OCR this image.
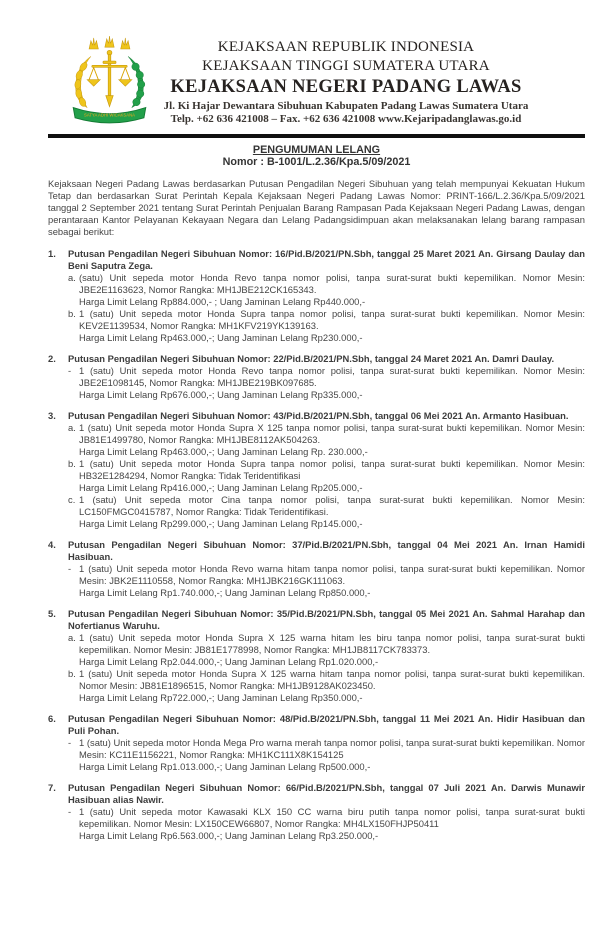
SATYA ADHI WICAKSANA
KEJAKSAAN REPUBLIK INDONESIA
KEJAKSAAN TINGGI SUMATERA UTARA
KEJAKSAAN NEGERI PADANG LAWAS
Jl. Ki Hajar Dewantara Sibuhuan Kabupaten Padang Lawas Sumatera Utara
Telp. +62 636 421008 – Fax. +62 636 421008 www.Kejaripadanglawas.go.id
PENGUMUMAN LELANG
Nomor : B-1001/L.2.36/Kpa.5/09/2021

Kejaksaan Negeri Padang Lawas berdasarkan Putusan Pengadilan Negeri Sibuhuan yang telah mempunyai Kekuatan Hukum Tetap dan berdasarkan Surat Perintah Kepala Kejaksaan Negeri Padang Lawas Nomor: PRINT-166/L.2.36/Kpa.5/09/2021 tanggal 2 September 2021 tentang Surat Perintah Penjualan Barang Rampasan Pada Kejaksaan Negeri Padang Lawas, dengan perantaraan Kantor Pelayanan Kekayaan Negara dan Lelang Padangsidimpuan akan melaksanakan lelang barang rampasan sebagai berikut:

1.	Putusan Pengadilan Negeri Sibuhuan Nomor: 16/Pid.B/2021/PN.Sbh, tanggal 25 Maret 2021 An. Girsang Daulay dan Beni Saputra Zega.
a. (satu) Unit sepeda motor Honda Revo tanpa nomor polisi, tanpa surat-surat bukti kepemilikan. Nomor Mesin: JBE2E1163623, Nomor Rangka: MH1JBE212CK165343.
Harga Limit Lelang Rp884.000,- ; Uang Jaminan Lelang Rp440.000,-
b. 1 (satu) Unit sepeda motor Honda Supra tanpa nomor polisi, tanpa surat-surat bukti kepemilikan. Nomor Mesin: KEV2E1139534, Nomor Rangka: MH1KFV219YK139163.
Harga Limit Lelang Rp463.000,-; Uang Jaminan Lelang Rp230.000,-
2.	Putusan Pengadilan Negeri Sibuhuan Nomor: 22/Pid.B/2021/PN.Sbh, tanggal 24 Maret 2021 An. Damri Daulay.
- 1 (satu) Unit sepeda motor Honda Revo tanpa nomor polisi, tanpa surat-surat bukti kepemilikan. Nomor Mesin: JBE2E1098145, Nomor Rangka: MH1JBE219BK097685.
Harga Limit Lelang Rp676.000,-; Uang Jaminan Lelang Rp335.000,-
3.	Putusan Pengadilan Negeri Sibuhuan Nomor: 43/Pid.B/2021/PN.Sbh, tanggal 06 Mei 2021 An. Armanto Hasibuan.
a. 1 (satu) Unit sepeda motor Honda Supra X 125 tanpa nomor polisi, tanpa surat-surat bukti kepemilikan. Nomor Mesin: JB81E1499780, Nomor Rangka: MH1JBE8112AK504263.
Harga Limit Lelang Rp463.000,-; Uang Jaminan Lelang Rp. 230.000,-
b. 1 (satu) Unit sepeda motor Honda Supra tanpa nomor polisi, tanpa surat-surat bukti kepemilikan. Nomor Mesin: HB32E1284294, Nomor Rangka: Tidak Teridentifikasi
Harga Limit Lelang Rp416.000,-; Uang Jaminan Lelang Rp205.000,-
c. 1 (satu) Unit sepeda motor Cina tanpa nomor polisi, tanpa surat-surat bukti kepemilikan. Nomor Mesin: LC150FMGC0415787, Nomor Rangka: Tidak Teridentifikasi.
Harga Limit Lelang Rp299.000,-; Uang Jaminan Lelang Rp145.000,-
4.	Putusan Pengadilan Negeri Sibuhuan Nomor: 37/Pid.B/2021/PN.Sbh, tanggal 04 Mei 2021 An. Irnan Hamidi Hasibuan.
- 1 (satu) Unit sepeda motor Honda Revo warna hitam tanpa nomor polisi, tanpa surat-surat bukti kepemilikan. Nomor Mesin: JBK2E1110558, Nomor Rangka: MH1JBK216GK111063.
Harga Limit Lelang Rp1.740.000,-; Uang Jaminan Lelang Rp850.000,-
5.	Putusan Pengadilan Negeri Sibuhuan Nomor: 35/Pid.B/2021/PN.Sbh, tanggal 05 Mei 2021 An. Sahmal Harahap dan Nofertianus Waruhu.
a. 1 (satu) Unit sepeda motor Honda Supra X 125 warna hitam les biru tanpa nomor polisi, tanpa surat-surat bukti kepemilikan. Nomor Mesin: JB81E1778998, Nomor Rangka: MH1JB8117CK783373.
Harga Limit Lelang Rp2.044.000,-; Uang Jaminan Lelang Rp1.020.000,-
b. 1 (satu) Unit sepeda motor Honda Supra X 125 warna hitam tanpa nomor polisi, tanpa surat-surat bukti kepemilikan. Nomor Mesin: JB81E1896515, Nomor Rangka: MH1JB9128AK023450.
Harga Limit Lelang Rp722.000,-; Uang Jaminan Lelang Rp350.000,-
6.	Putusan Pengadilan Negeri Sibuhuan Nomor: 48/Pid.B/2021/PN.Sbh, tanggal 11 Mei 2021 An. Hidir Hasibuan dan Puli Pohan.
- 1 (satu) Unit sepeda motor Honda Mega Pro warna merah tanpa nomor polisi, tanpa surat-surat bukti kepemilikan. Nomor Mesin: KC11E1156221, Nomor Rangka: MH1KC111X8K154125
Harga Limit Lelang Rp1.013.000,-; Uang Jaminan Lelang Rp500.000,-
7.	Putusan Pengadilan Negeri Sibuhuan Nomor: 66/Pid.B/2021/PN.Sbh, tanggal 07 Juli 2021 An. Darwis Munawir Hasibuan alias Nawir.
- 1 (satu) Unit sepeda motor Kawasaki KLX 150 CC warna biru putih tanpa nomor polisi, tanpa surat-surat bukti kepemilikan. Nomor Mesin: LX150CEW66807, Nomor Rangka: MH4LX150FHJP50411
Harga Limit Lelang Rp6.563.000,-; Uang Jaminan Lelang Rp3.250.000,-
